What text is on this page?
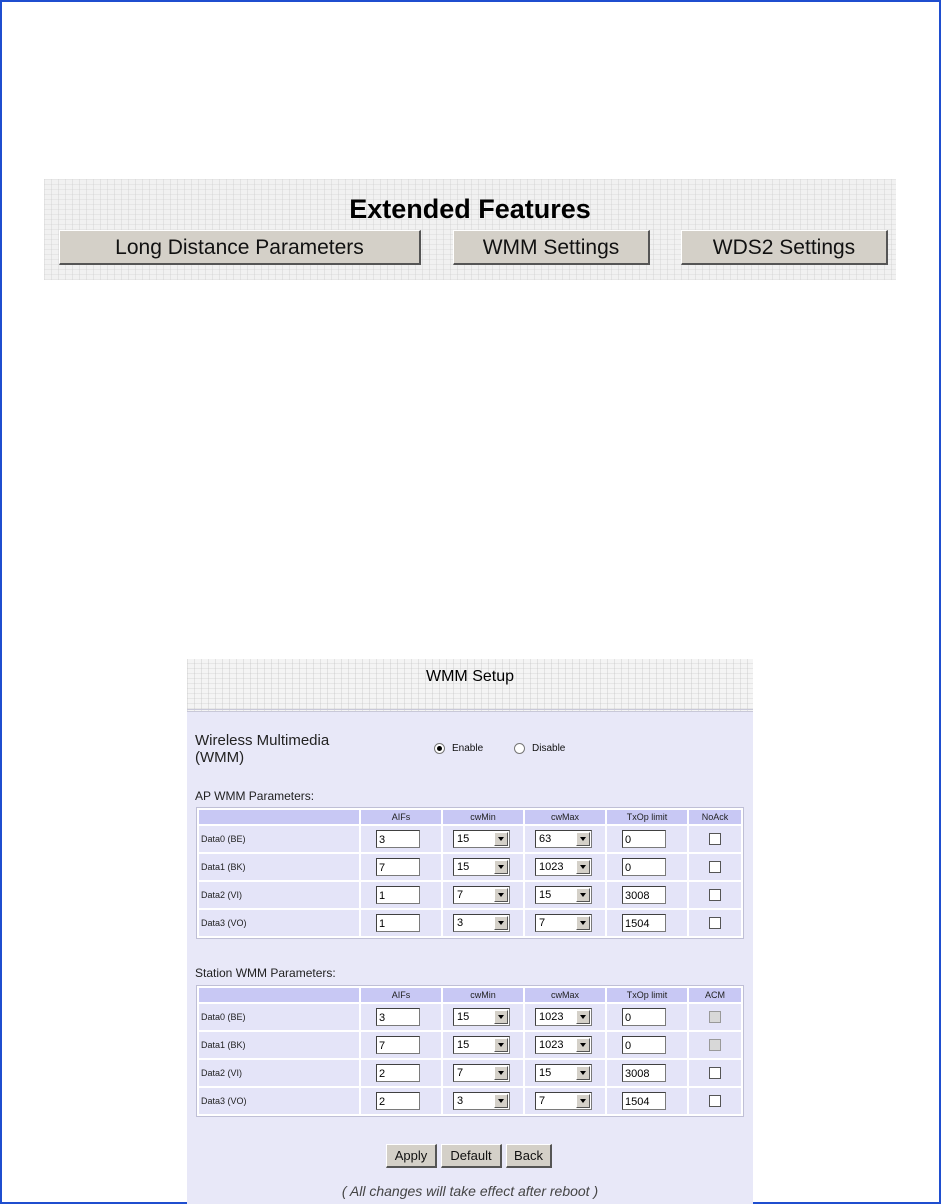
Extended Features
Long Distance Parameters	WMM Settings	WDS2 Settings
WMM Setup
Wireless Multimedia
(WMM)
Enable	Disable
AP WMM Parameters:
	AIFs	cwMin	cwMax	TxOp limit	NoAck
Data0 (BE)	3	15	63	0	

Data1 (BK)	7	15	1023	0	

Data2 (VI)	1	7	15	3008	

Data3 (VO)	1	3	7	1504	

Station WMM Parameters:
	AIFs	cwMin	cwMax	TxOp limit	ACM
Data0 (BE)	3	15	1023	0	

Data1 (BK)	7	15	1023	0	

Data2 (VI)	2	7	15	3008	

Data3 (VO)	2	3	7	1504	

Apply	Default	Back
( All changes will take effect after reboot )
